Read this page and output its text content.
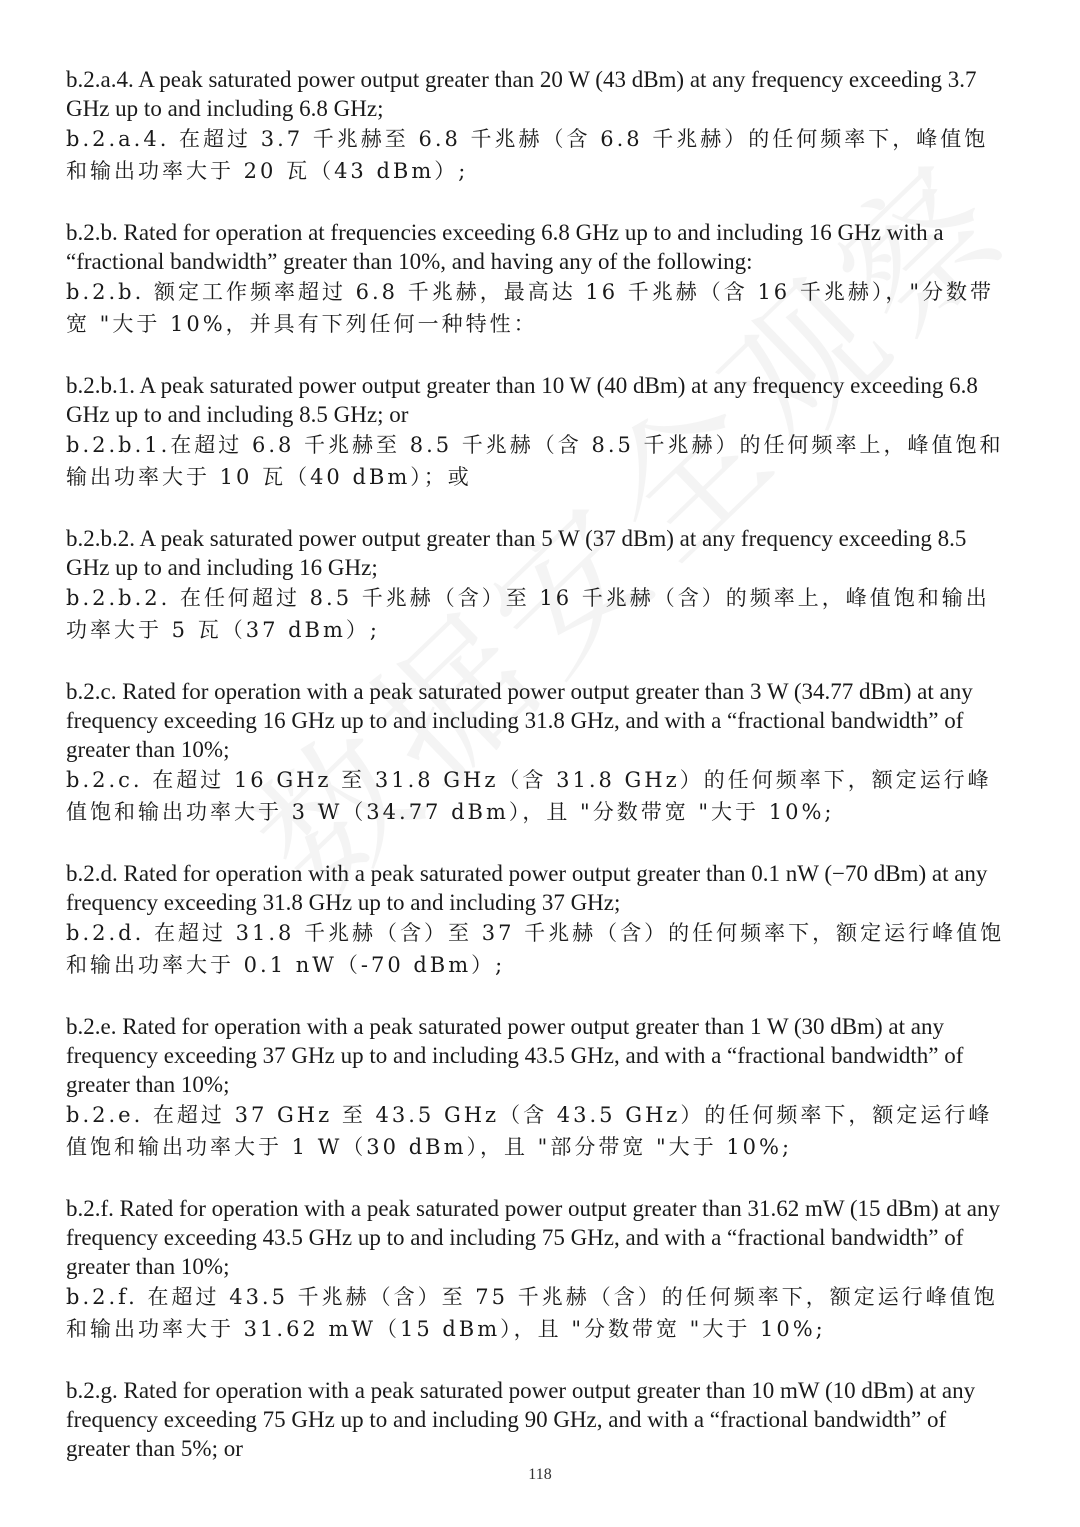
b.2.a.4. A peak saturated power output greater than 20 W (43 dBm) at any frequency exceeding 3.7 GHz up to and including 6.8 GHz;

b.2.a.4. 在超过 3.7 千兆赫至 6.8 千兆赫（含 6.8 千兆赫）的任何频率下，峰值饱和输出功率大于 20 瓦（43 dBm）;

b.2.b. Rated for operation at frequencies exceeding 6.8 GHz up to and including 16 GHz with a “fractional bandwidth” greater than 10%, and having any of the following:

b.2.b. 额定工作频率超过 6.8 千兆赫，最高达 16 千兆赫（含 16 千兆赫），"分数带宽 "大于 10%，并具有下列任何一种特性：

b.2.b.1. A peak saturated power output greater than 10 W (40 dBm) at any frequency exceeding 6.8 GHz up to and including 8.5 GHz; or

b.2.b.1.在超过 6.8 千兆赫至 8.5 千兆赫（含 8.5 千兆赫）的任何频率上，峰值饱和输出功率大于 10 瓦（40 dBm）；或

b.2.b.2. A peak saturated power output greater than 5 W (37 dBm) at any frequency exceeding 8.5 GHz up to and including 16 GHz;

b.2.b.2. 在任何超过 8.5 千兆赫（含）至 16 千兆赫（含）的频率上，峰值饱和输出功率大于 5 瓦（37 dBm）;

b.2.c. Rated for operation with a peak saturated power output greater than 3 W (34.77 dBm) at any frequency exceeding 16 GHz up to and including 31.8 GHz, and with a “fractional bandwidth” of greater than 10%;

b.2.c. 在超过 16 GHz 至 31.8 GHz（含 31.8 GHz）的任何频率下，额定运行峰值饱和输出功率大于 3 W（34.77 dBm），且 "分数带宽 "大于 10%;

b.2.d. Rated for operation with a peak saturated power output greater than 0.1 nW (−70 dBm) at any frequency exceeding 31.8 GHz up to and including 37 GHz;

b.2.d. 在超过 31.8 千兆赫（含）至 37 千兆赫（含）的任何频率下，额定运行峰值饱和输出功率大于 0.1 nW（-70 dBm）;

b.2.e. Rated for operation with a peak saturated power output greater than 1 W (30 dBm) at any frequency exceeding 37 GHz up to and including 43.5 GHz, and with a “fractional bandwidth” of greater than 10%;

b.2.e. 在超过 37 GHz 至 43.5 GHz（含 43.5 GHz）的任何频率下，额定运行峰值饱和输出功率大于 1 W（30 dBm），且 "部分带宽 "大于 10%;

b.2.f. Rated for operation with a peak saturated power output greater than 31.62 mW (15 dBm) at any frequency exceeding 43.5 GHz up to and including 75 GHz, and with a “fractional bandwidth” of greater than 10%;

b.2.f. 在超过 43.5 千兆赫（含）至 75 千兆赫（含）的任何频率下，额定运行峰值饱和输出功率大于 31.62 mW（15 dBm），且 "分数带宽 "大于 10%;

b.2.g. Rated for operation with a peak saturated power output greater than 10 mW (10 dBm) at any frequency exceeding 75 GHz up to and including 90 GHz, and with a “fractional bandwidth” of greater than 5%; or

118
